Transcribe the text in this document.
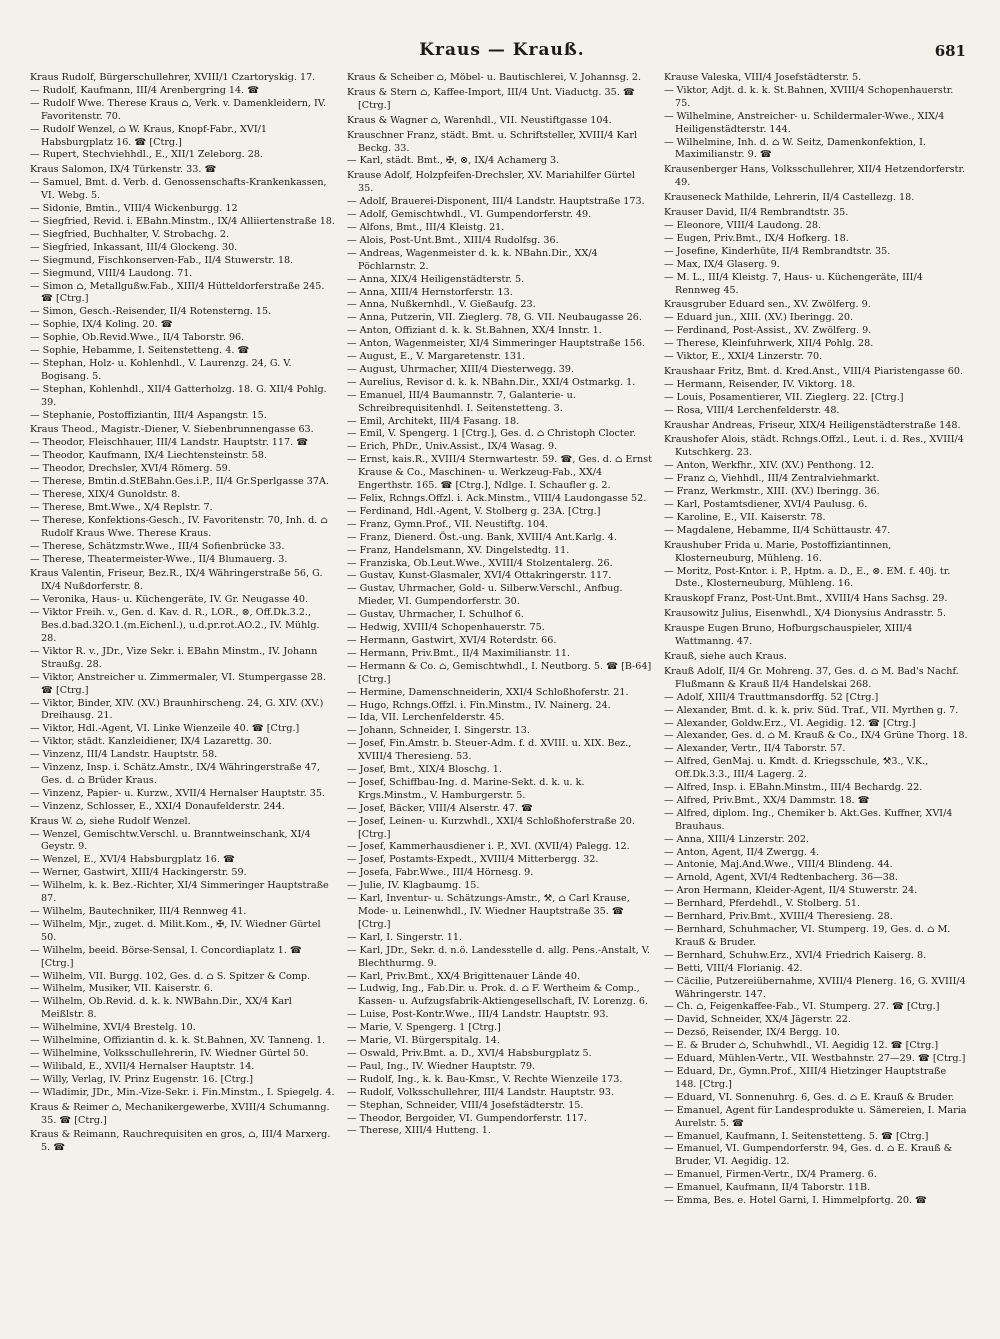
Kraus — Krauß.	681

Kraus Rudolf, Bürgerschullehrer, XVIII/1 Czartoryskig. 17.

— Rudolf, Kaufmann, III/4 Arenbergring 14. ☎

— Rudolf Wwe. Therese Kraus ⌂, Verk. v. Damenkleidern, IV. Favoritenstr. 70.

— Rudolf Wenzel, ⌂ W. Kraus, Knopf-Fabr., XVI/1 Habsburgplatz 16. ☎ [Ctrg.]

— Rupert, Stechviehhdl., E., XII/1 Zeleborg. 28.

Kraus Salomon, IX/4 Türkenstr. 33. ☎

— Samuel, Bmt. d. Verb. d. Genossenschafts-Krankenkassen, VI. Webg. 5.

— Sidonie, Bmtin., VIII/4 Wickenburgg. 12

— Siegfried, Revid. i. EBahn.Minstm., IX/4 Alliiertenstraße 18.

— Siegfried, Buchhalter, V. Strobachg. 2.

— Siegfried, Inkassant, III/4 Glockeng. 30.

— Siegmund, Fischkonserven-Fab., II/4 Stuwerstr. 18.

— Siegmund, VIII/4 Laudong. 71.

— Simon ⌂, Metallgußw.Fab., XIII/4 Hütteldorferstraße 245. ☎ [Ctrg.]

— Simon, Gesch.-Reisender, II/4 Rotensterng. 15.

— Sophie, IX/4 Koling. 20. ☎

— Sophie, Ob.Revid.Wwe., II/4 Taborstr. 96.

— Sophie, Hebamme, I. Seitenstetteng. 4. ☎

— Stephan, Holz- u. Kohlenhdl., V. Laurenzg. 24, G. V. Bogisang. 5.

— Stephan, Kohlenhdl., XII/4 Gatterholzg. 18. G. XII/4 Pohlg. 39.

— Stephanie, Postoffiziantin, III/4 Aspangstr. 15.

Kraus Theod., Magistr.-Diener, V. Siebenbrunnengasse 63.

— Theodor, Fleischhauer, III/4 Landstr. Hauptstr. 117. ☎

— Theodor, Kaufmann, IX/4 Liechtensteinstr. 58.

— Theodor, Drechsler, XVI/4 Römerg. 59.

— Therese, Bmtin.d.StEBahn.Ges.i.P., II/4 Gr.Sperlgasse 37A.

— Therese, XIX/4 Gunoldstr. 8.

— Therese, Bmt.Wwe., X/4 Replstr. 7.

— Therese, Konfektions-Gesch., IV. Favoritenstr. 70, Inh. d. ⌂ Rudolf Kraus Wwe. Therese Kraus.

— Therese, Schätzmstr.Wwe., III/4 Sofienbrücke 33.

— Therese, Theatermeister-Wwe., II/4 Blumauerg. 3.

Kraus Valentin, Friseur, Bez.R., IX/4 Währingerstraße 56, G. IX/4 Nußdorferstr. 8.

— Veronika, Haus- u. Küchengeräte, IV. Gr. Neugasse 40.

— Viktor Freih. v., Gen. d. Kav. d. R., LOR., ⊗, Off.Dk.3.2., Bes.d.bad.32O.1.(m.Eichenl.), u.d.pr.rot.AO.2., IV. Mühlg. 28.

— Viktor R. v., JDr., Vize Sekr. i. EBahn Minstm., IV. Johann Straußg. 28.

— Viktor, Anstreicher u. Zimmermaler, VI. Stumpergasse 28. ☎ [Ctrg.]

— Viktor, Binder, XIV. (XV.) Braunhirscheng. 24, G. XIV. (XV.) Dreihausg. 21.

— Viktor, Hdl.-Agent, VI. Linke Wienzeile 40. ☎ [Ctrg.]

— Viktor, städt. Kanzleidiener, IX/4 Lazarettg. 30.

— Vinzenz, III/4 Landstr. Hauptstr. 58.

— Vinzenz, Insp. i. Schätz.Amstr., IX/4 Währingerstraße 47, Ges. d. ⌂ Brüder Kraus.

— Vinzenz, Papier- u. Kurzw., XVII/4 Hernalser Hauptstr. 35.

— Vinzenz, Schlosser, E., XXI/4 Donaufelderstr. 244.

Kraus W. ⌂, siehe Rudolf Wenzel.

— Wenzel, Gemischtw.Verschl. u. Branntweinschank, XI/4 Geystr. 9.

— Wenzel, E., XVI/4 Habsburgplatz 16. ☎

— Werner, Gastwirt, XIII/4 Hackingerstr. 59.

— Wilhelm, k. k. Bez.-Richter, XI/4 Simmeringer Hauptstraße 87.

— Wilhelm, Bautechniker, III/4 Rennweg 41.

— Wilhelm, Mjr., zuget. d. Milit.Kom., ✠, IV. Wiedner Gürtel 50.

— Wilhelm, beeid. Börse-Sensal, I. Concordiaplatz 1. ☎ [Ctrg.]

— Wilhelm, VII. Burgg. 102, Ges. d. ⌂ S. Spitzer & Comp.

— Wilhelm, Musiker, VII. Kaiserstr. 6.

— Wilhelm, Ob.Revid. d. k. k. NWBahn.Dir., XX/4 Karl Meißlstr. 8.

— Wilhelmine, XVI/4 Brestelg. 10.

— Wilhelmine, Offiziantin d. k. k. St.Bahnen, XV. Tanneng. 1.

— Wilhelmine, Volksschullehrerin, IV. Wiedner Gürtel 50.

— Wilibald, E., XVII/4 Hernalser Hauptstr. 14.

— Willy, Verlag, IV. Prinz Eugenstr. 16. [Ctrg.]

— Wladimir, JDr., Min.-Vize-Sekr. i. Fin.Minstm., I. Spiegelg. 4.

Kraus & Reimer ⌂, Mechanikergewerbe, XVIII/4 Schumanng. 35. ☎ [Ctrg.]

Kraus & Reimann, Rauchrequisiten en gros, ⌂, III/4 Marxerg. 5. ☎

Kraus & Scheiber ⌂, Möbel- u. Bautischlerei, V. Johannsg. 2.

Kraus & Stern ⌂, Kaffee-Import, III/4 Unt. Viaductg. 35. ☎ [Ctrg.]

Kraus & Wagner ⌂, Warenhdl., VII. Neustiftgasse 104.

Krauschner Franz, städt. Bmt. u. Schriftsteller, XVIII/4 Karl Beckg. 33.

— Karl, städt. Bmt., ✠, ⊗, IX/4 Achamerg 3.

Krause Adolf, Holzpfeifen-Drechsler, XV. Mariahilfer Gürtel 35.

— Adolf, Brauerei-Disponent, III/4 Landstr. Hauptstraße 173.

— Adolf, Gemischtwhdl., VI. Gumpendorferstr. 49.

— Alfons, Bmt., III/4 Kleistg. 21.

— Alois, Post-Unt.Bmt., XIII/4 Rudolfsg. 36.

— Andreas, Wagenmeister d. k. k. NBahn.Dir., XX/4 Pöchlarnstr. 2.

— Anna, XIX/4 Heiligenstädterstr. 5.

— Anna, XIII/4 Hernstorferstr. 13.

— Anna, Nußkernhdl., V. Gießaufg. 23.

— Anna, Putzerin, VII. Zieglerg. 78, G. VII. Neubaugasse 26.

— Anton, Offiziant d. k. k. St.Bahnen, XX/4 Innstr. 1.

— Anton, Wagenmeister, XI/4 Simmeringer Hauptstraße 156.

— August, E., V. Margaretenstr. 131.

— August, Uhrmacher, XIII/4 Diesterwegg. 39.

— Aurelius, Revisor d. k. k. NBahn.Dir., XXI/4 Ostmarkg. 1.

— Emanuel, III/4 Baumannstr. 7, Galanterie- u. Schreibrequisitenhdl. I. Seitenstetteng. 3.

— Emil, Architekt, III/4 Fasang. 18.

— Emil, V. Spengerg. 1 [Ctrg.], Ges. d. ⌂ Christoph Clocter.

— Erich, PhDr., Univ.Assist., IX/4 Wasag. 9.

— Ernst, kais.R., XVIII/4 Sternwartestr. 59. ☎, Ges. d. ⌂ Ernst Krause & Co., Maschinen- u. Werkzeug-Fab., XX/4 Engerthstr. 165. ☎ [Ctrg.], Ndlge. I. Schaufler g. 2.

— Felix, Rchngs.Offzl. i. Ack.Minstm., VIII/4 Laudongasse 52.

— Ferdinand, Hdl.-Agent, V. Stolberg g. 23A. [Ctrg.]

— Franz, Gymn.Prof., VII. Neustiftg. 104.

— Franz, Dienerd. Öst.-ung. Bank, XVIII/4 Ant.Karlg. 4.

— Franz, Handelsmann, XV. Dingelstedtg. 11.

— Franziska, Ob.Leut.Wwe., XVIII/4 Stolzentalerg. 26.

— Gustav, Kunst-Glasmaler, XVI/4 Ottakringerstr. 117.

— Gustav, Uhrmacher, Gold- u. Silberw.Verschl., Anfbug. Mieder, VI. Gumpendorferstr. 30.

— Gustav, Uhrmacher, I. Schulhof 6.

— Hedwig, XVIII/4 Schopenhauerstr. 75.

— Hermann, Gastwirt, XVI/4 Roterdstr. 66.

— Hermann, Priv.Bmt., II/4 Maximilianstr. 11.

— Hermann & Co. ⌂, Gemischtwhdl., I. Neutborg. 5. ☎ [B-64] [Ctrg.]

— Hermine, Damenschneiderin, XXI/4 Schloßhoferstr. 21.

— Hugo, Rchngs.Offzl. i. Fin.Minstm., IV. Nainerg. 24.

— Ida, VII. Lerchenfelderstr. 45.

— Johann, Schneider, I. Singerstr. 13.

— Josef, Fin.Amstr. b. Steuer-Adm. f. d. XVIII. u. XIX. Bez., XVIII/4 Theresieng. 53.

— Josef, Bmt., XIX/4 Bloschg. 1.

— Josef, Schiffbau-Ing. d. Marine-Sekt. d. k. u. k. Krgs.Minstm., V. Hamburgerstr. 5.

— Josef, Bäcker, VIII/4 Alserstr. 47. ☎

— Josef, Leinen- u. Kurzwhdl., XXI/4 Schloßhoferstraße 20. [Ctrg.]

— Josef, Kammerhausdiener i. P., XVI. (XVII/4) Palegg. 12.

— Josef, Postamts-Expedt., XVIII/4 Mitterbergg. 32.

— Josefa, Fabr.Wwe., III/4 Hörnesg. 9.

— Julie, IV. Klagbaumg. 15.

— Karl, Inventur- u. Schätzungs-Amstr., ⚒, ⌂ Carl Krause, Mode- u. Leinenwhdl., IV. Wiedner Hauptstraße 35. ☎ [Ctrg.]

— Karl, I. Singerstr. 11.

— Karl, JDr., Sekr. d. n.ö. Landesstelle d. allg. Pens.-Anstalt, V. Blechthurmg. 9.

— Karl, Priv.Bmt., XX/4 Brigittenauer Lände 40.

— Ludwig, Ing., Fab.Dir. u. Prok. d. ⌂ F. Wertheim & Comp., Kassen- u. Aufzugsfabrik-Aktiengesellschaft, IV. Lorenzg. 6.

— Luise, Post-Kontr.Wwe., III/4 Landstr. Hauptstr. 93.

— Marie, V. Spengerg. 1 [Ctrg.]

— Marie, VI. Bürgerspitalg. 14.

— Oswald, Priv.Bmt. a. D., XVI/4 Habsburgplatz 5.

— Paul, Ing., IV. Wiedner Hauptstr. 79.

— Rudolf, Ing., k. k. Bau-Kmsr., V. Rechte Wienzeile 173.

— Rudolf, Volksschullehrer, III/4 Landstr. Hauptstr. 93.

— Stephan, Schneider, VIII/4 Josefstädterstr. 15.

— Theodor, Bergoider, VI. Gumpendorferstr. 117.

— Therese, XIII/4 Hutteng. 1.

Krause Valeska, VIII/4 Josefstädterstr. 5.

— Viktor, Adjt. d. k. k. St.Bahnen, XVIII/4 Schopenhauerstr. 75.

— Wilhelmine, Anstreicher- u. Schildermaler-Wwe., XIX/4 Heiligenstädterstr. 144.

— Wilhelmine, Inh. d. ⌂ W. Seitz, Damenkonfektion, I. Maximilianstr. 9. ☎

Krausenberger Hans, Volksschullehrer, XII/4 Hetzendorferstr. 49.

Krauseneck Mathilde, Lehrerin, II/4 Castellezg. 18.

Krauser David, II/4 Rembrandtstr. 35.

— Eleonore, VIII/4 Laudong. 28.

— Eugen, Priv.Bmt., IX/4 Hofkerg. 18.

— Josefine, Kinderhüte, II/4 Rembrandtstr. 35.

— Max, IX/4 Glaserg. 9.

— M. L., III/4 Kleistg. 7, Haus- u. Küchengeräte, III/4 Rennweg 45.

Krausgruber Eduard sen., XV. Zwölferg. 9.

— Eduard jun., XIII. (XV.) Iberingg. 20.

— Ferdinand, Post-Assist., XV. Zwölferg. 9.

— Therese, Kleinfuhrwerk, XII/4 Pohlg. 28.

— Viktor, E., XXI/4 Linzerstr. 70.

Kraushaar Fritz, Bmt. d. Kred.Anst., VIII/4 Piaristengasse 60.

— Hermann, Reisender, IV. Viktorg. 18.

— Louis, Posamentierer, VII. Zieglerg. 22. [Ctrg.]

— Rosa, VIII/4 Lerchenfelderstr. 48.

Kraushar Andreas, Friseur, XIX/4 Heiligenstädterstraße 148.

Kraushofer Alois, städt. Rchngs.Offzl., Leut. i. d. Res., XVIII/4 Kutschkerg. 23.

— Anton, Werkfhr., XIV. (XV.) Penthong. 12.

— Franz ⌂, Viehhdl., III/4 Zentralviehmarkt.

— Franz, Werkmstr., XIII. (XV.) Iberingg. 36.

— Karl, Postamtsdiener, XVI/4 Paulusg. 6.

— Karoline, E., VII. Kaiserstr. 78.

— Magdalene, Hebamme, II/4 Schüttaustr. 47.

Kraushuber Frida u. Marie, Postoffiziantinnen, Klosterneuburg, Mühleng. 16.

— Moritz, Post-Kntor. i. P., Hptm. a. D., E., ⊗. EM. f. 40j. tr. Dste., Klosterneuburg, Mühleng. 16.

Krauskopf Franz, Post-Unt.Bmt., XVIII/4 Hans Sachsg. 29.

Krausowitz Julius, Eisenwhdl., X/4 Dionysius Andrasstr. 5.

Krauspe Eugen Bruno, Hofburgschauspieler, XIII/4 Wattmanng. 47.

Krauß, siehe auch Kraus.

Krauß Adolf, II/4 Gr. Mohreng. 37, Ges. d. ⌂ M. Bad's Nachf. Flußmann & Krauß II/4 Handelskai 268.

— Adolf, XIII/4 Trauttmansdorffg. 52 [Ctrg.]

— Alexander, Bmt. d. k. k. priv. Süd. Traf., VII. Myrthen g. 7.

— Alexander, Goldw.Erz., VI. Aegidig. 12. ☎ [Ctrg.]

— Alexander, Ges. d. ⌂ M. Krauß & Co., IX/4 Grüne Thorg. 18.

— Alexander, Vertr., II/4 Taborstr. 57.

— Alfred, GenMaj. u. Kmdt. d. Kriegsschule, ⚒3., V.K., Off.Dk.3.3., III/4 Lagerg. 2.

— Alfred, Insp. i. EBahn.Minstm., III/4 Bechardg. 22.

— Alfred, Priv.Bmt., XX/4 Dammstr. 18. ☎

— Alfred, diplom. Ing., Chemiker b. Akt.Ges. Kuffner, XVI/4 Brauhaus.

— Anna, XIII/4 Linzerstr. 202.

— Anton, Agent, II/4 Zwergg. 4.

— Antonie, Maj.And.Wwe., VIII/4 Blindeng. 44.

— Arnold, Agent, XVI/4 Redtenbacherg. 36—38.

— Aron Hermann, Kleider-Agent, II/4 Stuwerstr. 24.

— Bernhard, Pferdehdl., V. Stolberg. 51.

— Bernhard, Priv.Bmt., XVIII/4 Theresieng. 28.

— Bernhard, Schuhmacher, VI. Stumperg. 19, Ges. d. ⌂ M. Krauß & Bruder.

— Bernhard, Schuhw.Erz., XVI/4 Friedrich Kaiserg. 8.

— Betti, VIII/4 Florianig. 42.

— Cäcilie, Putzereiübernahme, XVIII/4 Plenerg. 16, G. XVIII/4 Währingerstr. 147.

— Ch. ⌂, Feigenkaffee-Fab., VI. Stumperg. 27. ☎ [Ctrg.]

— David, Schneider, XX/4 Jägerstr. 22.

— Dezsö, Reisender, IX/4 Bergg. 10.

— E. & Bruder ⌂, Schuhwhdl., VI. Aegidig 12. ☎ [Ctrg.]

— Eduard, Mühlen-Vertr., VII. Westbahnstr. 27—29. ☎ [Ctrg.]

— Eduard, Dr., Gymn.Prof., XIII/4 Hietzinger Hauptstraße 148. [Ctrg.]

— Eduard, VI. Sonnenuhrg. 6, Ges. d. ⌂ E. Krauß & Bruder.

— Emanuel, Agent für Landesprodukte u. Sämereien, I. Maria Aurelstr. 5. ☎

— Emanuel, Kaufmann, I. Seitenstetteng. 5. ☎ [Ctrg.]

— Emanuel, VI. Gumpendorferstr. 94, Ges. d. ⌂ E. Krauß & Bruder, VI. Aegidig. 12.

— Emanuel, Firmen-Vertr., IX/4 Pramerg. 6.

— Emanuel, Kaufmann, II/4 Taborstr. 11B.

— Emma, Bes. e. Hotel Garni, I. Himmelpfortg. 20. ☎
